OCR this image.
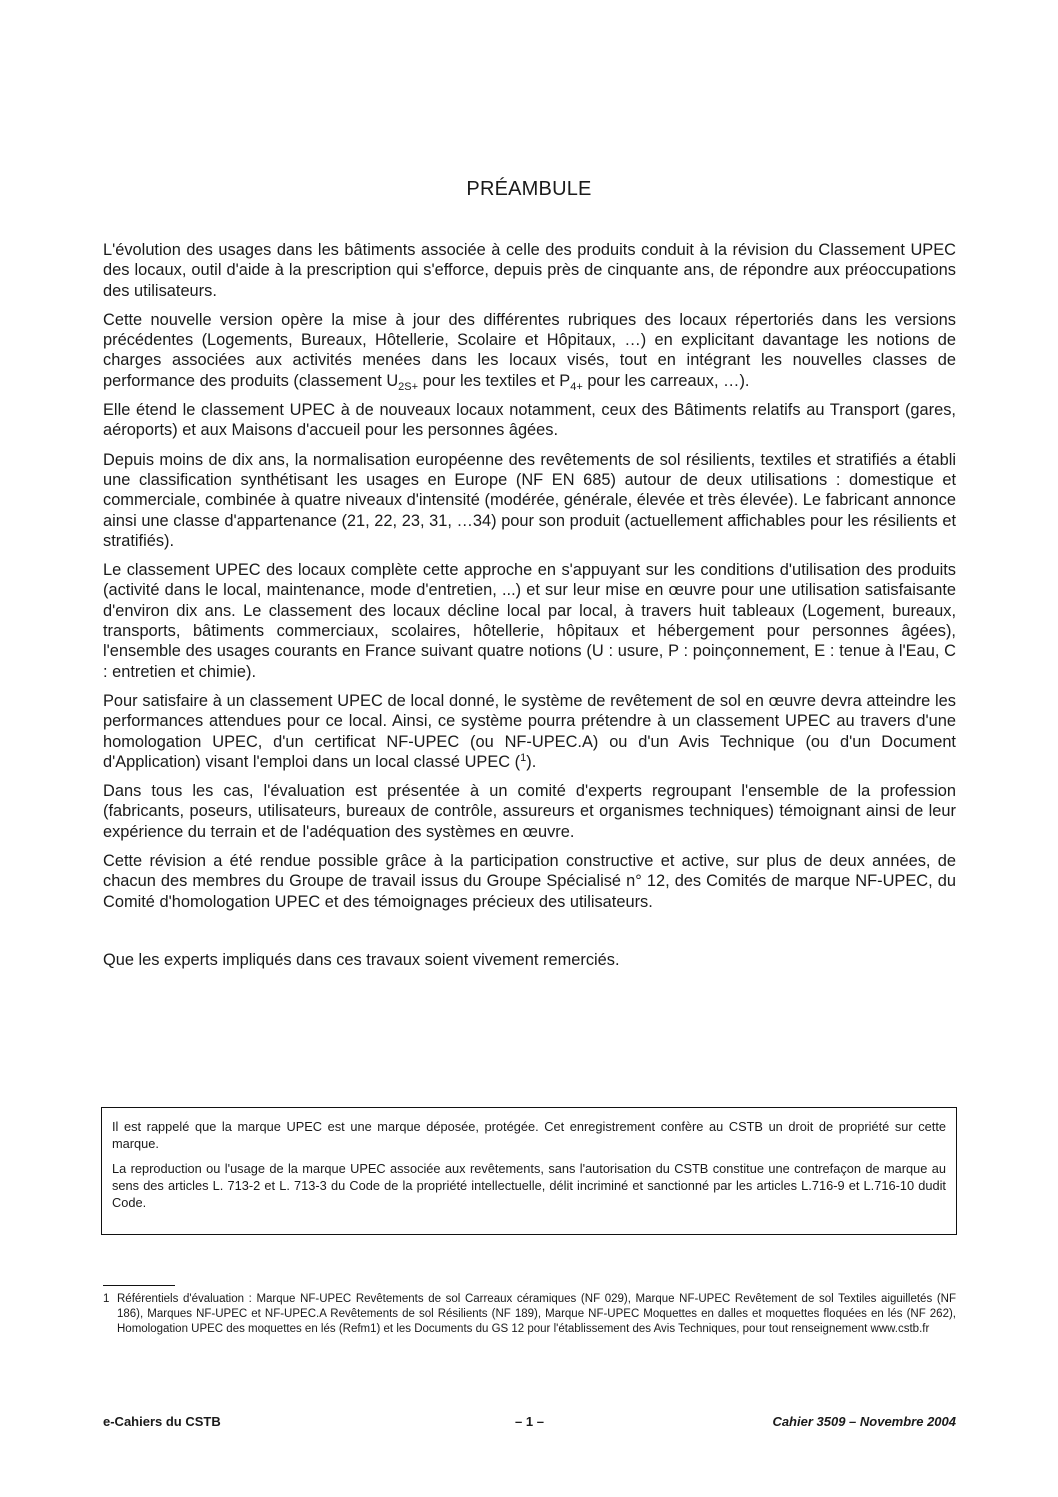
PRÉAMBULE

L'évolution des usages dans les bâtiments associée à celle des produits conduit à la révision du Classement UPEC des locaux, outil d'aide à la prescription qui s'efforce, depuis près de cinquante ans, de répondre aux préoccupations des utilisateurs.

Cette nouvelle version opère la mise à jour des différentes rubriques des locaux répertoriés dans les versions précédentes (Logements, Bureaux, Hôtellerie, Scolaire et Hôpitaux, …) en explicitant davantage les notions de charges associées aux activités menées dans les locaux visés, tout en intégrant les nouvelles classes de performance des produits (classement $U_{2S+}$ pour les textiles et $P_{4+}$ pour les carreaux, …).

Elle étend le classement UPEC à de nouveaux locaux notamment, ceux des Bâtiments relatifs au Transport (gares, aéroports) et aux Maisons d'accueil pour les personnes âgées.

Depuis moins de dix ans, la normalisation européenne des revêtements de sol résilients, textiles et stratifiés a établi une classification synthétisant les usages en Europe (NF EN 685) autour de deux utilisations : domestique et commerciale, combinée à quatre niveaux d'intensité (modérée, générale, élevée et très élevée). Le fabricant annonce ainsi une classe d'appartenance (21, 22, 23, 31, …34) pour son produit (actuellement affichables pour les résilients et stratifiés).

Le classement UPEC des locaux complète cette approche en s'appuyant sur les conditions d'utilisation des produits (activité dans le local, maintenance, mode d'entretien, ...) et sur leur mise en œuvre pour une utilisation satisfaisante d'environ dix ans. Le classement des locaux décline local par local, à travers huit tableaux (Logement, bureaux, transports, bâtiments commerciaux, scolaires, hôtellerie, hôpitaux et hébergement pour personnes âgées), l'ensemble des usages courants en France suivant quatre notions (U : usure, P : poinçonnement, E : tenue à l'Eau, C : entretien et chimie).

Pour satisfaire à un classement UPEC de local donné, le système de revêtement de sol en œuvre devra atteindre les performances attendues pour ce local. Ainsi, ce système pourra prétendre à un classement UPEC au travers d'une homologation UPEC, d'un certificat NF-UPEC (ou NF-UPEC.A) ou d'un Avis Technique (ou d'un Document d'Application) visant l'emploi dans un local classé UPEC ($^1$).

Dans tous les cas, l'évaluation est présentée à un comité d'experts regroupant l'ensemble de la profession (fabricants, poseurs, utilisateurs, bureaux de contrôle, assureurs et organismes techniques) témoignant ainsi de leur expérience du terrain et de l'adéquation des systèmes en œuvre.

Cette révision a été rendue possible grâce à la participation constructive et active, sur plus de deux années, de chacun des membres du Groupe de travail issus du Groupe Spécialisé n° 12, des Comités de marque NF-UPEC, du Comité d'homologation UPEC et des témoignages précieux des utilisateurs.

Que les experts impliqués dans ces travaux soient vivement remerciés.

Il est rappelé que la marque UPEC est une marque déposée, protégée. Cet enregistrement confère au CSTB un droit de propriété sur cette marque.

La reproduction ou l'usage de la marque UPEC associée aux revêtements, sans l'autorisation du CSTB constitue une contrefaçon de marque au sens des articles L. 713-2 et L. 713-3 du Code de la propriété intellectuelle, délit incriminé et sanctionné par les articles L.716-9 et L.716-10 dudit Code.

1 Référentiels d'évaluation : Marque NF-UPEC Revêtements de sol Carreaux céramiques (NF 029), Marque NF-UPEC Revêtement de sol Textiles aiguilletés (NF 186), Marques NF-UPEC et NF-UPEC.A Revêtements de sol Résilients (NF 189), Marque NF-UPEC Moquettes en dalles et moquettes floquées en lés (NF 262), Homologation UPEC des moquettes en lés (Refm1) et les Documents du GS 12 pour l'établissement des Avis Techniques, pour tout renseignement www.cstb.fr
e-Cahiers du CSTB	– 1 –	Cahier 3509 – Novembre 2004
